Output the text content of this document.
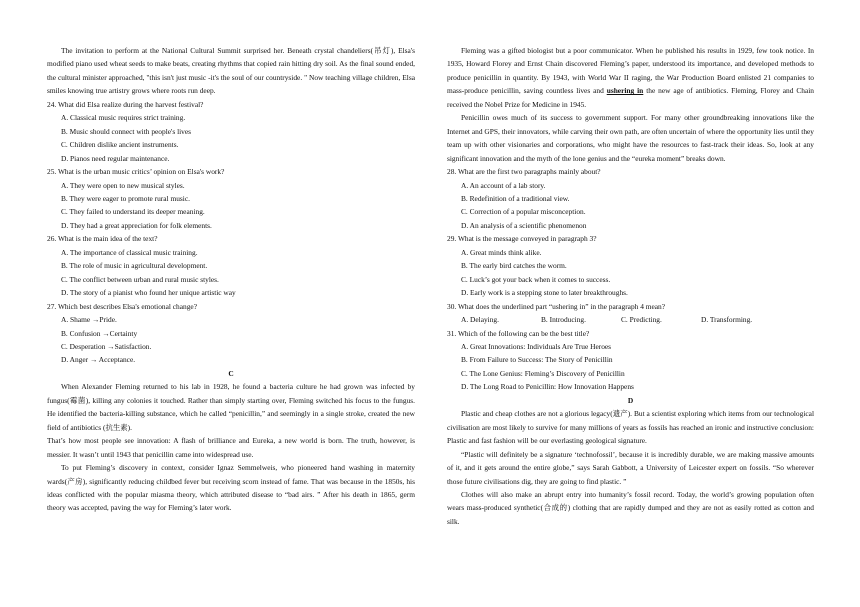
The invitation to perform at the National Cultural Summit surprised her. Beneath crystal chandeliers(吊灯), Elsa's modified piano used wheat seeds to make beats, creating rhythms that copied rain hitting dry soil. As the final sound ended, the cultural minister approached, "this isn't just music -it's the soul of our countryside. " Now teaching village children, Elsa smiles knowing true artistry grows where roots run deep.

24. What did Elsa realize during the harvest festival?

A. Classical music requires strict training.

B. Music should connect with people's lives

C. Children dislike ancient instruments.

D. Pianos need regular maintenance.

25. What is the urban music critics’ opinion on Elsa's work?

A. They were open to new musical styles.

B. They were eager to promote rural music.

C. They failed to understand its deeper meaning.

D. They had a great appreciation for folk elements.

26. What is the main idea of the text?

A. The importance of classical music training.

B. The role of music in agricultural development.

C. The conflict between urban and rural music styles.

D. The story of a pianist who found her unique artistic way

27. Which best describes Elsa's emotional change?

A. Shame →Pride.

B. Confusion →Certainty

C. Desperation →Satisfaction.

D. Anger → Acceptance.

C

When Alexander Fleming returned to his lab in 1928, he found a bacteria culture he had grown was infected by fungus(霉菌), killing any colonies it touched. Rather than simply starting over, Fleming switched his focus to the fungus. He identified the bacteria-killing substance, which he called “penicillin,” and seemingly in a single stroke, created the new field of antibiotics (抗生素).

That’s how most people see innovation: A flash of brilliance and Eureka, a new world is born. The truth, however, is messier. It wasn’t until 1943 that penicillin came into widespread use.

To put Fleming’s discovery in context, consider Ignaz Semmelweis, who pioneered hand washing in maternity wards(产房), significantly reducing childbed fever but receiving scorn instead of fame. That was because in the 1850s, his ideas conflicted with the popular miasma theory, which attributed disease to “bad airs. ” After his death in 1865, germ theory was accepted, paving the way for Fleming’s later work.

Fleming was a gifted biologist but a poor communicator. When he published his results in 1929, few took notice. In 1935, Howard Florey and Ernst Chain discovered Fleming’s paper, understood its importance, and developed methods to produce penicillin in quantity. By 1943, with World War II raging, the War Production Board enlisted 21 companies to mass-produce penicillin, saving countless lives and ushering in the new age of antibiotics. Fleming, Florey and Chain received the Nobel Prize for Medicine in 1945.

Penicillin owes much of its success to government support. For many other groundbreaking innovations like the Internet and GPS, their innovators, while carving their own path, are often uncertain of where the opportunity lies until they team up with other visionaries and corporations, who might have the resources to fast-track their ideas. So, look at any significant innovation and the myth of the lone genius and the “eureka moment” breaks down.

28. What are the first two paragraphs mainly about?

A. An account of a lab story.

B. Redefinition of a traditional view.

C. Correction of a popular misconception.

D. An analysis of a scientific phenomenon

29. What is the message conveyed in paragraph 3?

A. Great minds think alike.

B. The early bird catches the worm.

C. Luck’s got your back when it comes to success.

D. Early work is a stepping stone to later breakthroughs.

30. What does the underlined part “ushering in” in the paragraph 4 mean?

A. Delaying.	B. Introducing.	C. Predicting.	D. Transforming.

31. Which of the following can be the best title?

A. Great Innovations: Individuals Are True Heroes

B. From Failure to Success: The Story of Penicillin

C. The Lone Genius: Fleming’s Discovery of Penicillin

D. The Long Road to Penicillin: How Innovation Happens

D

Plastic and cheap clothes are not a glorious legacy(遗产). But a scientist exploring which items from our technological civilisation are most likely to survive for many millions of years as fossils has reached an ironic and instructive conclusion: Plastic and fast fashion will be our everlasting geological signature.

“Plastic will definitely be a signature ‘technofossil’, because it is incredibly durable, we are making massive amounts of it, and it gets around the entire globe,” says Sarah Gabbott, a University of Leicester expert on fossils. “So wherever those future civilisations dig, they are going to find plastic. ”

Clothes will also make an abrupt entry into humanity’s fossil record. Today, the world’s growing population often wears mass-produced synthetic(合成的) clothing that are rapidly dumped and they are not as easily rotted as cotton and silk.
